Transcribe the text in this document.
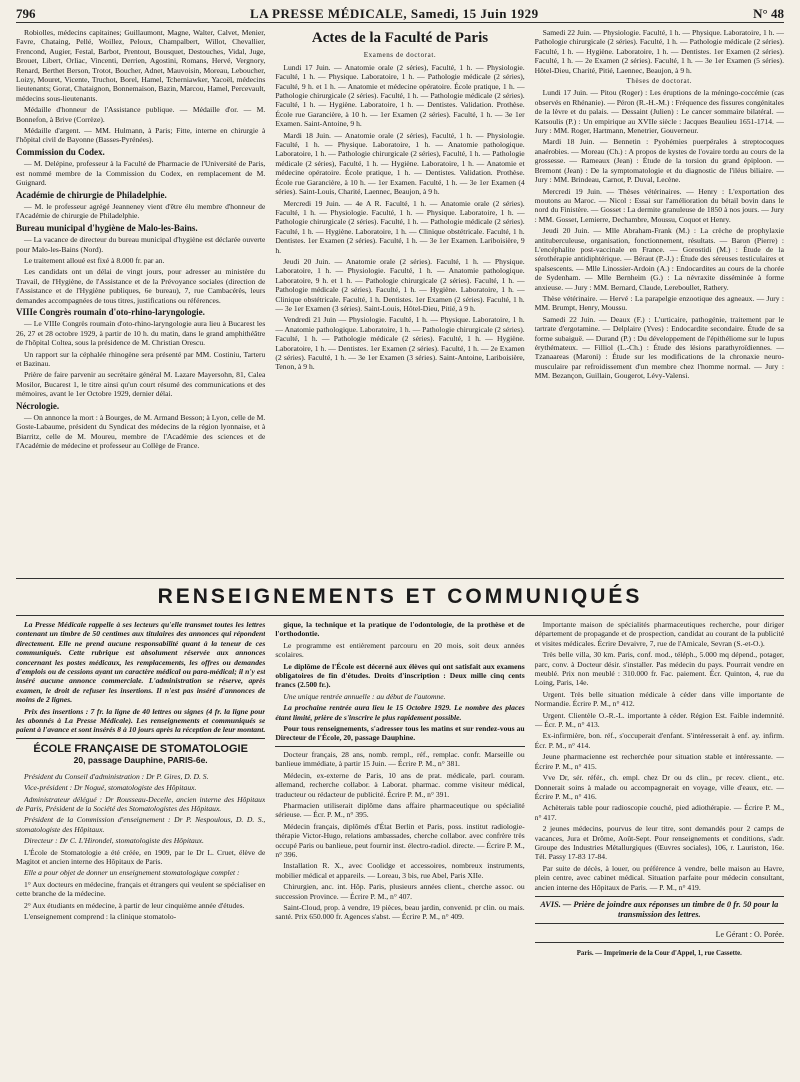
796	LA PRESSE MÉDICALE, Samedi, 15 Juin 1929	N° 48

Robiolles, médecins capitaines; Guillaumont, Magne, Walter, Calvet, Menier, Favre, Chataing, Pellé, Woillez, Peloux, Champalbert, Willot, Chevallier, Frencond, Augier, Festal, Barbot, Prentout, Bousquet, Destouches, Vidal, Juge, Brouet, Libert, Orliac, Vincenti, Derrien, Agostini, Romans, Hervé, Vergnory, Renard, Berthet Berson, Trotot, Boucher, Adnet, Mauvoisin, Moreau, Leboucher, Loizy, Mouret, Vicente, Truchot, Borel, Hamel, Tcherniawker, Yacoël, médecins lieutenants; Gorat, Chataignon, Bonnemaison, Bazin, Marcou, Hamel, Percevault, médecins sous-lieutenants.

Médaille d'honneur de l'Assistance publique. — Médaille d'or. — M. Bonnefon, à Brive (Corrèze).

Médaille d'argent. — MM. Hulmann, à Paris; Fitte, interne en chirurgie à l'hôpital civil de Bayonne (Basses-Pyrénées).

Commission du Codex.

— M. Delépine, professeur à la Faculté de Pharmacie de l'Université de Paris, est nommé membre de la Commission du Codex, en remplacement de M. Guignard.

Académie de chirurgie de Philadelphie.

— M. le professeur agrégé Jeanneney vient d'être élu membre d'honneur de l'Académie de chirurgie de Philadelphie.

Bureau municipal d'hygiène de Malo-les-Bains.

— La vacance de directeur du bureau municipal d'hygiène est déclarée ouverte pour Malo-les-Bains (Nord).

Le traitement alloué est fixé à 8.000 fr. par an.

Les candidats ont un délai de vingt jours, pour adresser au ministère du Travail, de l'Hygiène, de l'Assistance et de la Prévoyance sociales (direction de l'Assistance et de l'Hygiène publiques, 6e bureau), 7, rue Cambacérès, leurs demandes accompagnées de tous titres, justifications ou références.

VIIIe Congrès roumain d'oto-rhino-laryngologie.

— Le VIIIe Congrès roumain d'oto-rhino-laryngologie aura lieu à Bucarest les 26, 27 et 28 octobre 1929, à partir de 10 h. du matin, dans le grand amphithéâtre de l'hôpital Coltea, sous la présidence de M. Christian Orescu.

Un rapport sur la céphalée rhinogène sera présenté par MM. Costiniu, Tarteru et Bazinau.

Prière de faire parvenir au secrétaire général M. Lazare Mayersohn, 81, Calea Mosilor, Bucarest 1, le titre ainsi qu'un court résumé des communications et des mémoires, avant le 1er Octobre 1929, dernier délai.

Nécrologie.

— On annonce la mort : à Bourges, de M. Armand Besson; à Lyon, celle de M. Goste-Labaume, président du Syndicat des médecins de la région lyonnaise, et à Biarritz, celle de M. Moureu, membre de l'Académie des sciences et de l'Académie de médecine et professeur au Collège de France.

Actes de la Faculté de Paris

Examens de doctorat.

Lundi 17 Juin. — Anatomie orale (2 séries), Faculté, 1 h. — Physiologie. Faculté, 1 h. — Physique. Laboratoire, 1 h. — Pathologie médicale (2 séries), Faculté, 9 h. et 1 h. — Anatomie et médecine opératoire. École pratique, 1 h. — Pathologie chirurgicale (2 séries). Faculté, 1 h. — Pathologie médicale (2 séries). Faculté, 1 h. — Hygiène. Laboratoire, 1 h. — Dentistes. Validation. Prothèse. École rue Garancière, à 10 h. — 1er Examen (2 séries). Faculté, 1 h. — 3e 1er Examen. Saint-Antoine, 9 h.

Mardi 18 Juin. — Anatomie orale (2 séries), Faculté, 1 h. — Physiologie. Faculté, 1 h. — Physique. Laboratoire, 1 h. — Anatomie pathologique. Laboratoire, 1 h. — Pathologie chirurgicale (2 séries), Faculté, 1 h. — Pathologie médicale (2 séries), Faculté, 1 h. — Hygiène. Laboratoire, 1 h. — Anatomie et médecine opératoire. École pratique, 1 h. — Dentistes. Validation. Prothèse. École rue Garancière, à 10 h. — 1er Examen. Faculté, 1 h. — 3e 1er Examen (4 séries). Saint-Louis, Charité, Laennec, Beaujon, à 9 h.

Mercredi 19 Juin. — 4e A R. Faculté, 1 h. — Anatomie orale (2 séries). Faculté, 1 h. — Physiologie. Faculté, 1 h. — Physique. Laboratoire, 1 h. — Pathologie chirurgicale (2 séries). Faculté, 1 h. — Pathologie médicale (2 séries). Faculté, 1 h. — Hygiène. Laboratoire, 1 h. — Clinique obstétricale. Faculté, 1 h. Dentistes. 1er Examen (2 séries). Faculté, 1 h. — 3e 1er Examen. Lariboisière, 9 h.

Jeudi 20 Juin. — Anatomie orale (2 séries). Faculté, 1 h. — Physique. Laboratoire, 1 h. — Physiologie. Faculté, 1 h. — Anatomie pathologique. Laboratoire, 9 h. et 1 h. — Pathologie chirurgicale (2 séries). Faculté, 1 h. — Pathologie médicale (2 séries). Faculté, 1 h. — Hygiène. Laboratoire, 1 h. — Clinique obstétricale. Faculté, 1 h. Dentistes. 1er Examen (2 séries). Faculté, 1 h. — 3e 1er Examen (3 séries). Saint-Louis, Hôtel-Dieu, Pitié, à 9 h.

Vendredi 21 Juin — Physiologie. Faculté, 1 h. — Physique. Laboratoire, 1 h. — Anatomie pathologique. Laboratoire, 1 h. — Pathologie chirurgicale (2 séries). Faculté, 1 h. — Pathologie médicale (2 séries). Faculté, 1 h. — Hygiène. Laboratoire, 1 h. — Dentistes. 1er Examen (2 séries). Faculté, 1 h. — 2e Examen (2 séries). Faculté, 1 h. — 3e 1er Examen (3 séries). Saint-Antoine, Lariboisière, Tenon, à 9 h.

Samedi 22 Juin. — Physiologie. Faculté, 1 h. — Physique. Laboratoire, 1 h. — Pathologie chirurgicale (2 séries). Faculté, 1 h. — Pathologie médicale (2 séries). Faculté, 1 h. — Hygiène. Laboratoire, 1 h. — Dentistes. 1er Examen (2 séries). Faculté, 1 h. — 2e Examen (2 séries). Faculté, 1 h. — 3e 1er Examen (5 séries). Hôtel-Dieu, Charité, Pitié, Laennec, Beaujon, à 9 h.

Thèses de doctorat.

Lundi 17 Juin. — Pitou (Roger) : Les éruptions de la méningo-coccémie (cas observés en Rhénanie). — Péron (R.-H.-M.) : Fréquence des fissures congénitales de la lèvre et du palais. — Dessaint (Julien) : Le cancer sommaire bilatéral. — Katsoulis (P.) : Un empirique au XVIIe siècle : Jacques Beaulieu 1651-1714. — Jury : MM. Roger, Hartmann, Menetrier, Gouverneur.

Mardi 18 Juin. — Bennetin : Pyohémies puerpérales à streptocoques anaérobies. — Moreau (Ch.) : A propos de kystes de l'ovaire tordu au cours de la grossesse. — Rameaux (Jean) : Étude de la torsion du grand épiploon. — Bremont (Jean) : De la symptomatologie et du diagnostic de l'iléus biliaire. — Jury : MM. Brindeau, Carnot, P. Duval, Lecène.

Mercredi 19 Juin. — Thèses vétérinaires. — Henry : L'exportation des moutons au Maroc. — Nicol : Essai sur l'amélioration du bétail bovin dans le nord du Finistère. — Gosset : La dermite granuleuse de 1850 à nos jours. — Jury : MM. Gosset, Lemierre, Dechambre, Moussu, Coquot et Henry.

Jeudi 20 Juin. — Mlle Abraham-Frank (M.) : La crèche de prophylaxie antituberculeuse, organisation, fonctionnement, résultats. — Baron (Pierre) : L'encéphalite post-vaccinale en France. — Gorostidi (M.) : Étude de la sérothérapie antidiphtérique. — Béraut (P.-J.) : Étude des séreuses testiculaires et spalsescents. — Mlle Linossier-Ardoin (A.) : Endocardites au cours de la chorée de Sydenham. — Mlle Bernheim (G.) : La névraxite disséminée à forme anxieuse. — Jury : MM. Bernard, Claude, Lereboullet, Rathery.

Thèse vétérinaire. — Hervé : La parapelgie enzootique des agneaux. — Jury : MM. Brumpt, Henry, Moussu.

Samedi 22 Juin. — Deaux (F.) : L'urticaire, pathogénie, traitement par le tartrate d'ergotamine. — Delplaire (Yves) : Endocardite secondaire. Étude de sa forme subaiguë. — Durand (P.) : Du développement de l'épithéliome sur le lupus érythémateux. — Filliol (L.-Ch.) : Étude des lésions parathyroïdiennes. — Tzanaareas (Maroni) : Étude sur les modifications de la chronaxie neuro-musculaire par refroidissement d'un membre chez l'homme normal. — Jury : MM. Bezançon, Guillain, Gougerot, Lévy-Valensi.

RENSEIGNEMENTS ET COMMUNIQUÉS

La Presse Médicale rappelle à ses lecteurs qu'elle transmet toutes les lettres contenant un timbre de 50 centimes aux titulaires des annonces qui répondent directement. Elle ne prend aucune responsabilité quant à la teneur de ces communiqués. Cette rubrique est absolument réservée aux annonces concernant les postes médicaux, les remplacements, les offres ou demandes d'emplois ou de cessions ayant un caractère médical ou para-médical; il n'y est inséré aucune annonce commerciale. L'administration se réserve, après examen, le droit de refuser les insertions. Il n'est pas inséré d'annonces de moins de 2 lignes.

Prix des insertions : 7 fr. la ligne de 40 lettres ou signes (4 fr. la ligne pour les abonnés à La Presse Médicale). Les renseignements et communiqués se paient à l'avance et sont insérés 8 à 10 jours après la réception de leur montant.

ÉCOLE FRANÇAISE DE STOMATOLOGIE
20, passage Dauphine, PARIS-6e.

Président du Conseil d'administration : Dr P. Gires, D. D. S.

Vice-président : Dr Nogué, stomatologiste des Hôpitaux.

Administrateur délégué : Dr Rousseau-Decelle, ancien interne des Hôpitaux de Paris, Président de la Société des Stomatologistes des Hôpitaux.

Président de la Commission d'enseignement : Dr P. Nespoulous, D. D. S., stomatologiste des Hôpitaux.

Directeur : Dr C. L'Hirondel, stomatologiste des Hôpitaux.

L'École de Stomatologie a été créée, en 1909, par le Dr L. Cruet, élève de Magitot et ancien interne des Hôpitaux de Paris.

Elle a pour objet de donner un enseignement stomatologique complet :

1° Aux docteurs en médecine, français et étrangers qui veulent se spécialiser en cette branche de la médecine.

2° Aux étudiants en médecine, à partir de leur cinquième année d'études.

L'enseignement comprend : la clinique stomatolo-

gique, la technique et la pratique de l'odontologie, de la prothèse et de l'orthodontie.

Le programme est entièrement parcouru en 20 mois, soit deux années scolaires.

Le diplôme de l'École est décerné aux élèves qui ont satisfait aux examens obligatoires de fin d'études. Droits d'inscription : Deux mille cinq cents francs (2.500 fr.).

Une unique rentrée annuelle : au début de l'automne.

La prochaine rentrée aura lieu le 15 Octobre 1929. Le nombre des places étant limité, prière de s'inscrire le plus rapidement possible.

Pour tous renseignements, s'adresser tous les matins et sur rendez-vous au Directeur de l'École, 20, passage Dauphine.

Docteur français, 28 ans, nomb. rempl., réf., remplac. confr. Marseille ou banlieue immédiate, à partir 15 Juin. — Écrire P. M., n° 381.

Médecin, ex-externe de Paris, 10 ans de prat. médicale, parl. couram. allemand, recherche collabor. à Laborat. pharmac. comme visiteur médical, traducteur ou rédacteur de publicité. Écrire P. M., n° 391.

Pharmacien utiliserait diplôme dans affaire pharmaceutique ou spécialité sérieuse. — Écr. P. M., n° 395.

Médecin français, diplômés d'État Berlin et Paris, poss. institut radiologie-thérapie Victor-Hugo, relations ambassades, cherche collabor. avec confrère très occupé Paris ou banlieue, peut fournir inst. électro-radiol. directe. — Écrire P. M., n° 396.

Installation R. X., avec Coolidge et accessoires, nombreux instruments, mobilier médical et appareils. — Loreau, 3 bis, rue Abel, Paris XIIe.

Chirurgien, anc. int. Hôp. Paris, plusieurs années client., cherche assoc. ou succession Province. — Écrire P. M., n° 407.

Saint-Cloud, prop. à vendre, 19 pièces, beau jardin, convenid. pr clin. ou mais. santé. Prix 650.000 fr. Agences s'abst. — Écrire P. M., n° 409.

Importante maison de spécialités pharmaceutiques recherche, pour diriger département de propagande et de prospection, candidat au courant de la publicité et visites médicales. Écrire Devaivre, 7, rue de l'Amicale, Sevran (S.-et-O.).

Très belle villa, 30 km. Paris, conf. mod., téléph., 5.000 mq dépend., potager, parc, conv. à Docteur désir. s'installer. Pas médecin du pays. Pourrait vendre en meublé. Prix non meublé : 310.000 fr. Fac. paiement. Écr. Quinton, 4, rue du Loing, Paris, 14e.

Urgent. Très belle situation médicale à céder dans ville importante de Normandie. Écrire P. M., n° 412.

Urgent. Clientèle O.-R.-L. importante à céder. Région Est. Faible indemnité. — Écr. P. M., n° 413.

Ex-infirmière, bon. réf., s'occuperait d'enfant. S'intéresserait à enf. ay. infirm. Écr. P. M., n° 414.

Jeune pharmacienne est recherchée pour situation stable et intéressante. — Écrire P. M., n° 415.

Vve Dr, sér. référ., ch. empl. chez Dr ou ds clin., pr recev. client., etc. Donnerait soins à malade ou accompagnerait en voyage, ville d'eaux, etc. — Écrire P. M., n° 416.

Achèterais table pour radioscopie couché, pied adiothérapie. — Écrire P. M., n° 417.

2 jeunes médecins, pourvus de leur titre, sont demandés pour 2 camps de vacances, Jura et Drôme, Août-Sept. Pour renseignements et conditions, s'adr. Groupe des Industries Métallurgiques (Œuvres sociales), 106, r. Lauriston, 16e. Tél. Passy 17-83 17-84.

Par suite de décès, à louer, ou préférence à vendre, belle maison au Havre, plein centre, avec cabinet médical. Situation parfaite pour médecin consultant, ancien interne des Hôpitaux de Paris. — P. M., n° 419.

AVIS. — Prière de joindre aux réponses un timbre de 0 fr. 50 pour la transmission des lettres.
Le Gérant : O. Porée.
Paris. — Imprimerie de la Cour d'Appel, 1, rue Cassette.
